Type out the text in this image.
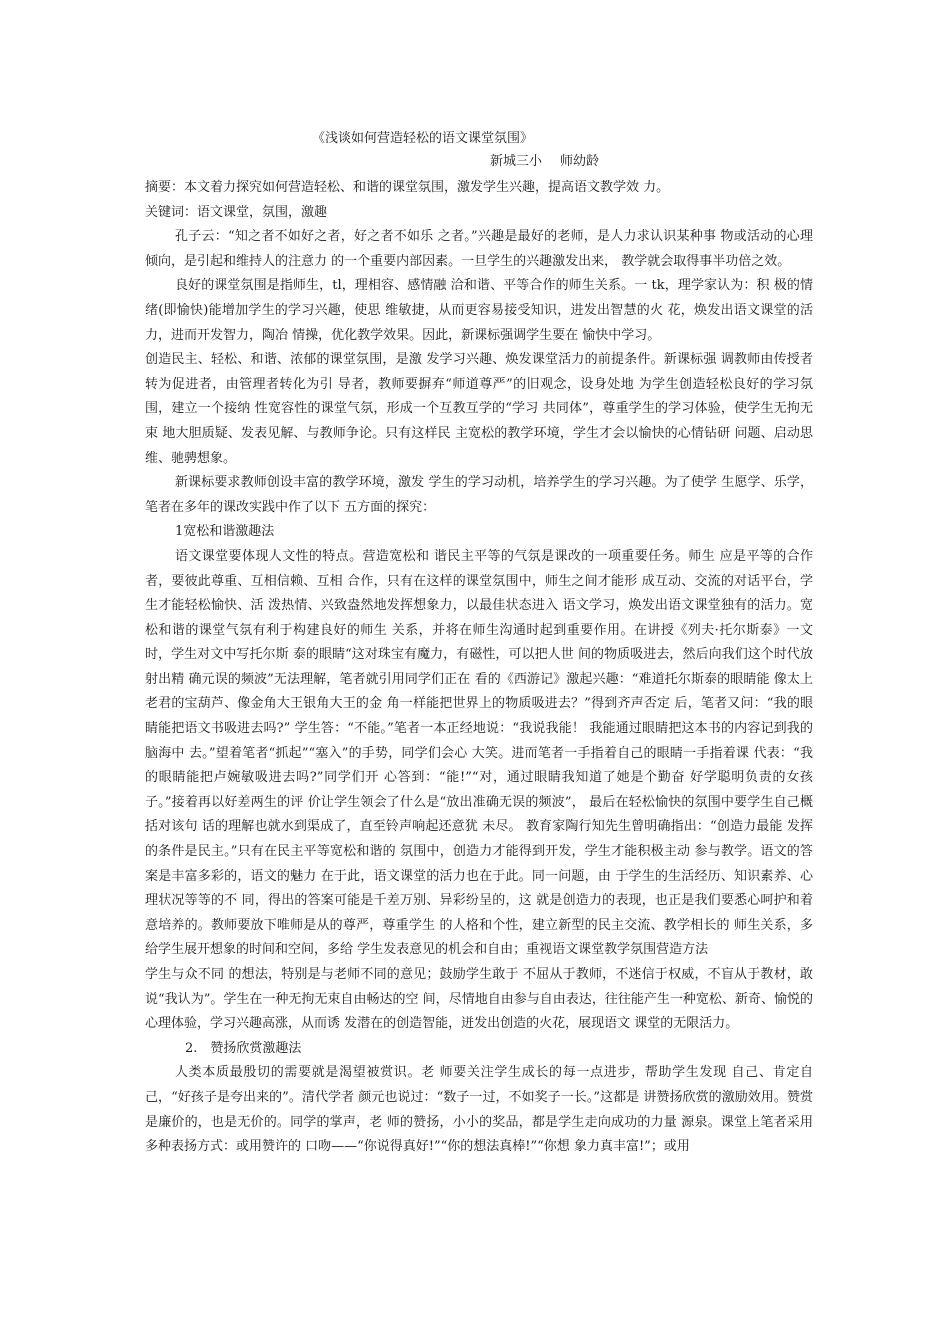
《浅谈如何营造轻松的语文课堂氛围》
新城三小 师幼龄

摘要：本文着力探究如何营造轻松、和谐的课堂氛围，激发学生兴趣，提高语文教学效 力。

关键词：语文课堂，氛围，激趣

孔子云：“知之者不如好之者，好之者不如乐 之者。”兴趣是最好的老师，是人力求认识某种事 物或活动的心理倾向，是引起和维持人的注意力 的一个重要内部因素。一旦学生的兴趣激发出来， 教学就会取得事半功倍之效。

良好的课堂氛围是指师生，tl，理相容、感情融 洽和谐、平等合作的师生关系。一 tk，理学家认为：积 极的情绪(即愉快)能增加学生的学习兴趣，使思 维敏捷，从而更容易接受知识，进发出智慧的火 花，焕发出语文课堂的活力，进而开发智力，陶冶 情操，优化教学效果。因此，新课标强调学生要在 愉快中学习。

创造民主、轻松、和谐、浓郁的课堂氛围，是激 发学习兴趣、焕发课堂活力的前提条件。新课标强 调教师由传授者转为促进者，由管理者转化为引 导者，教师要摒弃“师道尊严”的旧观念，设身处地 为学生创造轻松良好的学习氛围，建立一个接纳 性宽容性的课堂气氛，形成一个互教互学的“学习 共同体”，尊重学生的学习体验，使学生无拘无束 地大胆质疑、发表见解、与教师争论。只有这样民 主宽松的教学环境，学生才会以愉快的心情钻研 问题、启动思维、驰骋想象。

新课标要求教师创设丰富的教学环境，激发 学生的学习动机，培养学生的学习兴趣。为了使学 生愿学、乐学，笔者在多年的课改实践中作了以下 五方面的探究：

1宽松和谐激趣法

语文课堂要体现人文性的特点。营造宽松和 谐民主平等的气氛是课改的一项重要任务。师生 应是平等的合作者，要彼此尊重、互相信赖、互相 合作，只有在这样的课堂氛围中，师生之间才能形 成互动、交流的对话平台，学生才能轻松愉快、活 泼热情、兴致盎然地发挥想象力，以最佳状态进入 语文学习，焕发出语文课堂独有的活力。宽松和谐的课堂气氛有利于构建良好的师生 关系，并将在师生沟通时起到重要作用。在讲授《列夫·托尔斯泰》一文时，学生对文中写托尔斯 泰的眼睛“这对珠宝有魔力，有磁性，可以把人世 间的物质吸进去，然后向我们这个时代放射出精 确元误的频波”无法理解，笔者就引用同学们正在 看的《西游记》激起兴趣：“难道托尔斯泰的眼睛能 像太上老君的宝葫芦、像金角大王银角大王的金 角一样能把世界上的物质吸进去？”得到齐声否定 后，笔者又问：“我的眼睛能把语文书吸进去吗?” 学生答：“不能。”笔者一本正经地说：“我说我能！ 我能通过眼睛把这本书的内容记到我的脑海中 去。”望着笔者“抓起”“塞入”的手势，同学们会心 大笑。进而笔者一手指着自己的眼睛一手指着课 代表：“我的眼睛能把卢婉敏吸进去吗?”同学们开 心答到：“能!”“对，通过眼睛我知道了她是个勤奋 好学聪明负责的女孩子。”接着再以好差两生的评 价让学生领会了什么是“放出准确无误的频波”， 最后在轻松愉快的氛围中要学生自己概括对该句 话的理解也就水到渠成了，直至铃声响起还意犹 未尽。 教育家陶行知先生曾明确指出：“创造力最能 发挥的条件是民主。”只有在民主平等宽松和谐的 氛围中，创造力才能得到开发，学生才能积极主动 参与教学。语文的答案是丰富多彩的，语文的魅力 在于此，语文课堂的活力也在于此。同一问题，由 于学生的生活经历、知识素养、心理状况等等的不 同，得出的答案可能是千差万别、异彩纷呈的，这 就是创造力的表现，也正是我们要悉心呵护和着 意培养的。教师要放下唯师是从的尊严，尊重学生 的人格和个性，建立新型的民主交流、教学相长的 师生关系，多给学生展开想象的时间和空间，多给 学生发表意见的机会和自由；重视语文课堂教学氛围营造方法

学生与众不同 的想法，特别是与老师不同的意见；鼓励学生敢于 不屈从于教师，不迷信于权威，不盲从于教材，敢说“我认为”。学生在一种无拘无束自由畅达的空 间，尽情地自由参与自由表达，往往能产生一种宽松、新奇、愉悦的心理体验，学习兴趣高涨，从而诱 发潜在的创造智能，迸发出创造的火花，展现语文 课堂的无限活力。

2.　赞扬欣赏激趣法

人类本质最殷切的需要就是渴望被赏识。老 师要关注学生成长的每一点进步，帮助学生发现 自己、肯定自己，“好孩子是夸出来的”。清代学者 颜元也说过：“数子一过，不如奖子一长。”这都是 讲赞扬欣赏的激励效用。赞赏是廉价的，也是无价的。同学的掌声，老 师的赞扬，小小的奖品，都是学生走向成功的力量 源泉。课堂上笔者采用多种表扬方式：或用赞许的 口吻——“你说得真好!”“你的想法真棒!”“你想 象力真丰富!”；或用
